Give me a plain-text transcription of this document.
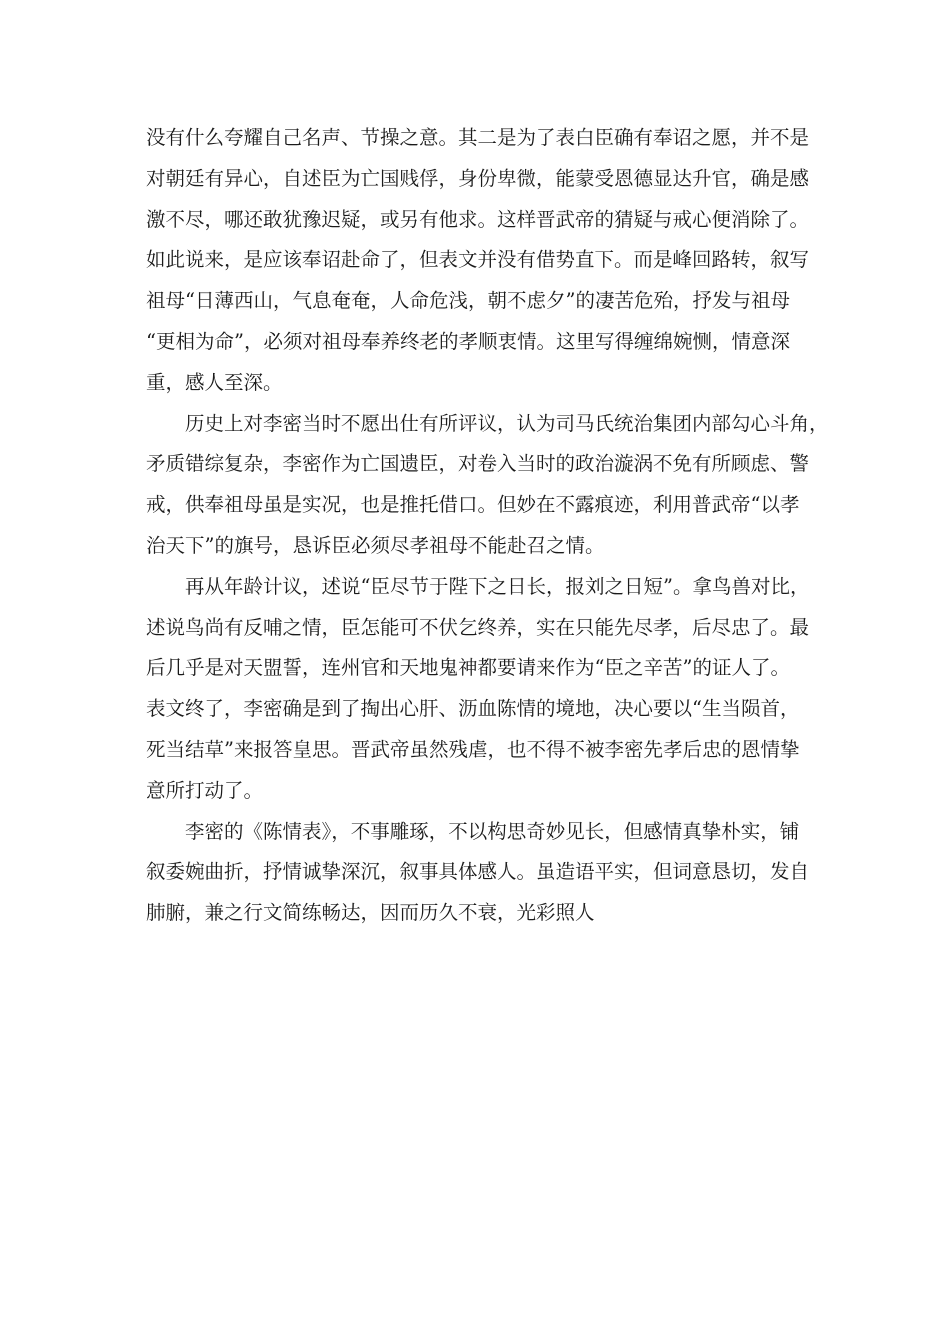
没有什么夸耀自己名声、节操之意。其二是为了表白臣确有奉诏之愿，并不是
对朝廷有异心，自述臣为亡国贱俘，身份卑微，能蒙受恩德显达升官，确是感
激不尽，哪还敢犹豫迟疑，或另有他求。这样晋武帝的猜疑与戒心便消除了。
如此说来，是应该奉诏赴命了，但表文并没有借势直下。而是峰回路转，叙写
祖母“日薄西山，气息奄奄，人命危浅，朝不虑夕”的凄苦危殆，抒发与祖母
“更相为命”，必须对祖母奉养终老的孝顺衷情。这里写得缠绵婉恻，情意深
重，感人至深。
历史上对李密当时不愿出仕有所评议，认为司马氏统治集团内部勾心斗角，
矛质错综复杂，李密作为亡国遗臣，对卷入当时的政治漩涡不免有所顾虑、警
戒，供奉祖母虽是实况，也是推托借口。但妙在不露痕迹，利用普武帝“以孝
治天下”的旗号，恳诉臣必须尽孝祖母不能赴召之情。
再从年龄计议，述说“臣尽节于陛下之日长，报刘之日短”。拿鸟兽对比，
述说鸟尚有反哺之情，臣怎能可不伏乞终养，实在只能先尽孝，后尽忠了。最
后几乎是对天盟誓，连州官和天地鬼神都要请来作为“臣之辛苦”的证人了。
表文终了，李密确是到了掏出心肝、沥血陈情的境地，决心要以“生当陨首，
死当结草”来报答皇思。晋武帝虽然残虐，也不得不被李密先孝后忠的恩情挚
意所打动了。
李密的《陈情表》，不事雕琢，不以构思奇妙见长，但感情真挚朴实，铺
叙委婉曲折，抒情诚挚深沉，叙事具体感人。虽造语平实，但词意恳切，发自
肺腑，兼之行文简练畅达，因而历久不衰，光彩照人
